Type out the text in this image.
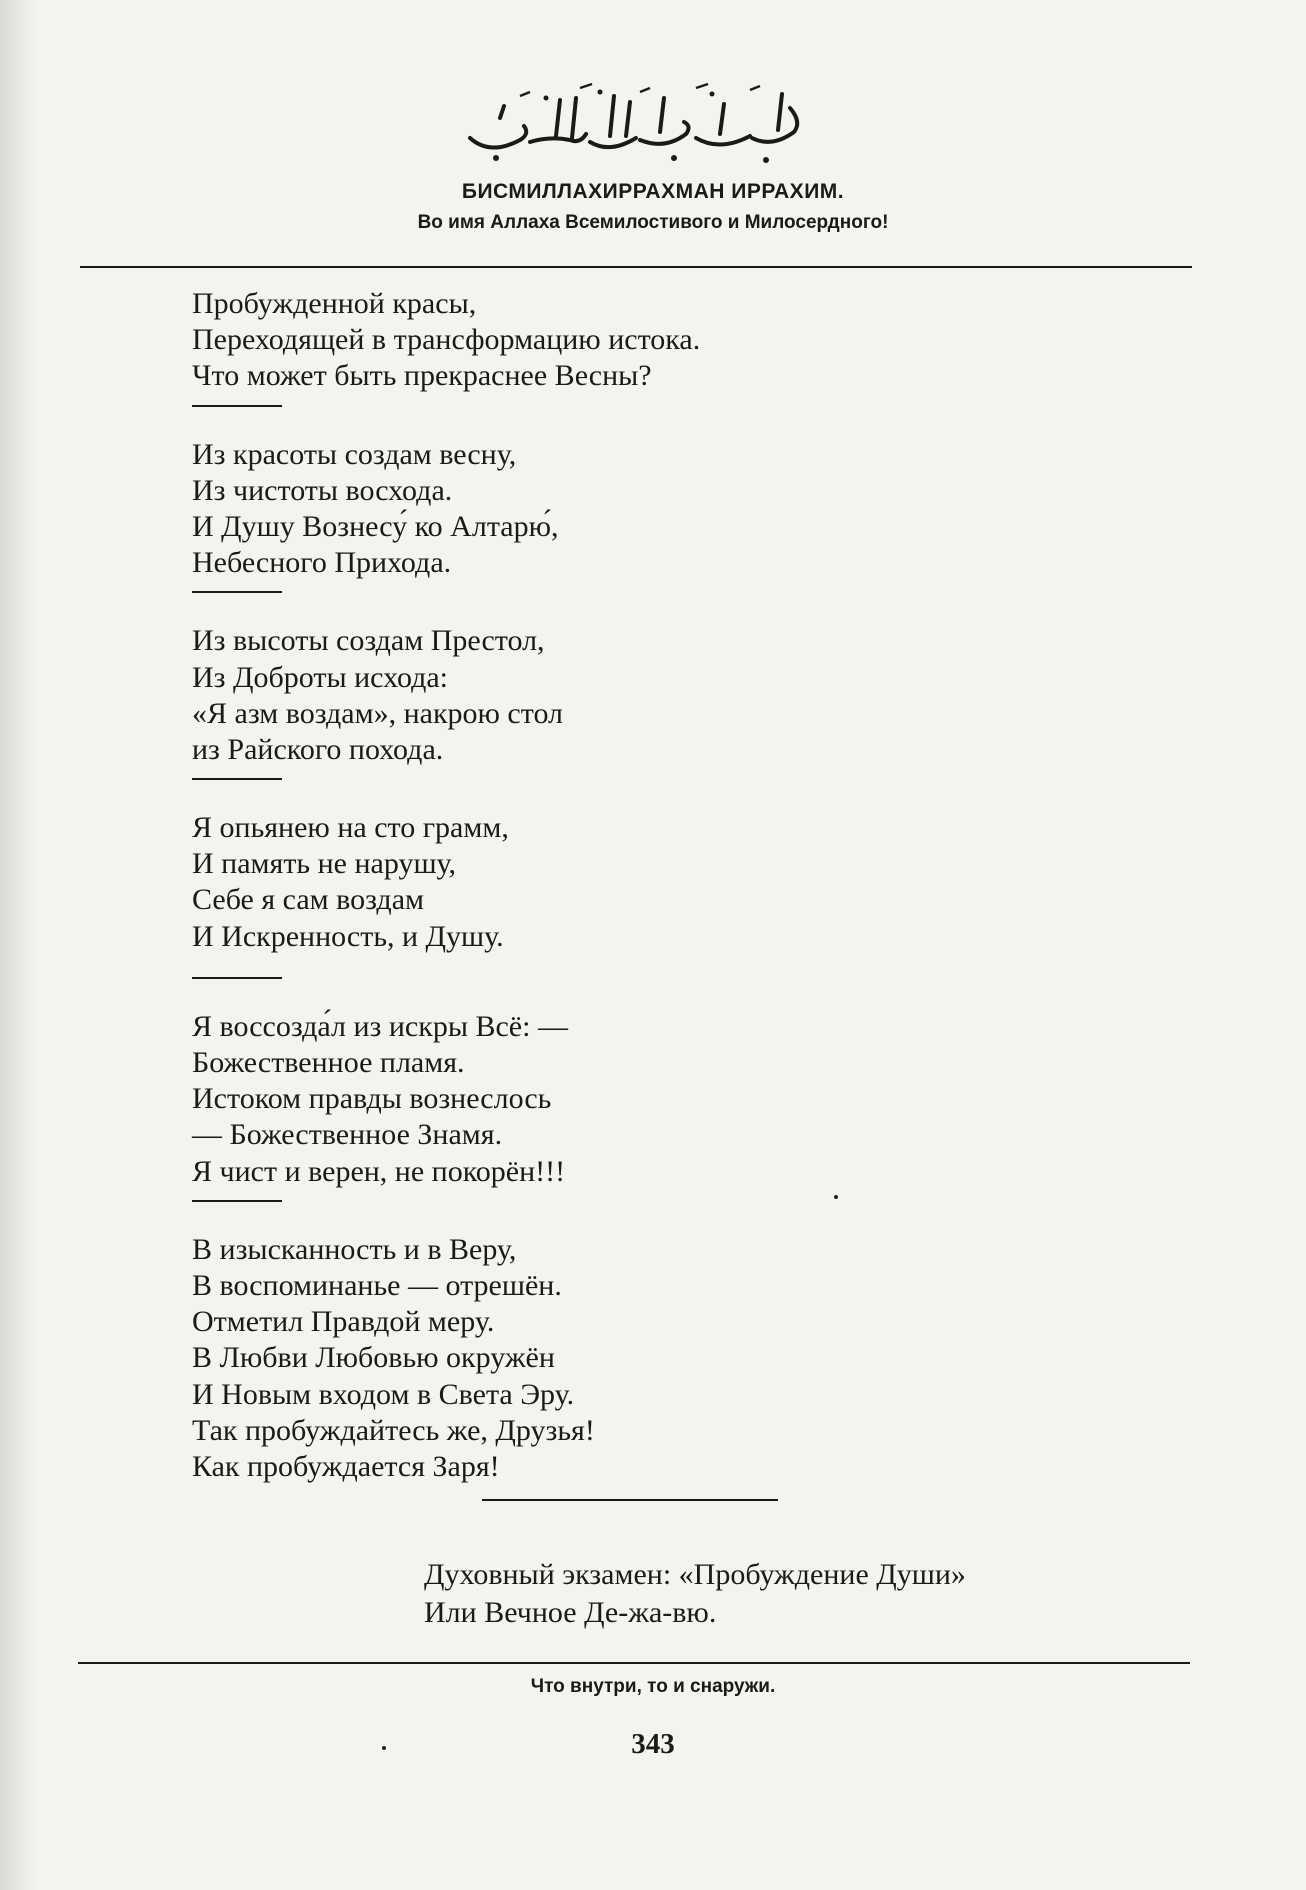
БИСМИЛЛАХИРРАХМАН ИРРАХИМ.
Во имя Аллаха Всемилостивого и Милосердного!
Пробужденной красы,
Переходящей в трансформацию истока.
Что может быть прекраснее Весны?
Из красоты создам весну,
Из чистоты восхода.
И Душу Вознесу́ ко Алтарю́,
Небесного Прихода.
Из высоты создам Престол,
Из Доброты исхода:
«Я азм воздам», накрою стол
из Райского похода.
Я опьянею на сто грамм,
И память не нарушу,
Себе я сам воздам
И Искренность, и Душу.
Я воссозда́л из искры Всё: —
Божественное пламя.
Истоком правды вознеслось
— Божественное Знамя.
Я чист и верен, не покорён!!!
В изысканность и в Веру,
В воспоминанье — отрешён.
Отметил Правдой меру.
В Любви Любовью окружён
И Новым входом в Света Эру.
Так пробуждайтесь же, Друзья!
Как пробуждается Заря!
Духовный экзамен: «Пробуждение Души»
Или Вечное Де-жа-вю.
Что внутри, то и снаружи.
343
